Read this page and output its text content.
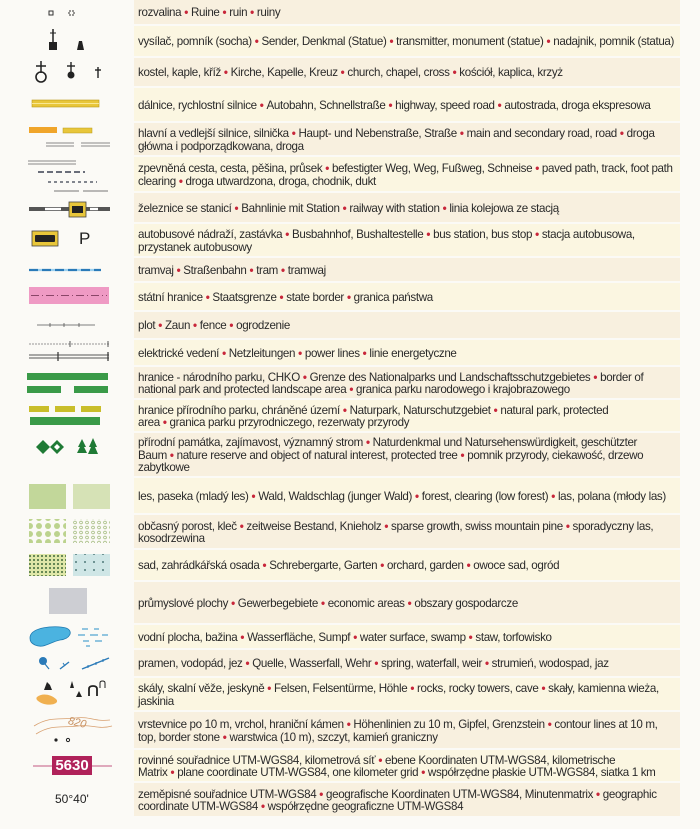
rozvalina • Ruine • ruin • ruiny
vysílač, pomník (socha) • Sender, Denkmal (Statue) • transmitter, monument (statue) • nadajnik, pomnik (statua)
kostel, kaple, kříž • Kirche, Kapelle, Kreuz • church, chapel, cross • kościół, kaplica, krzyż
dálnice, rychlostní silnice • Autobahn, Schnellstraße • highway, speed road • autostrada, droga ekspresowa
hlavní a vedlejší silnice, silnička • Haupt- und Nebenstraße, Straße • main and secondary road, road • droga główna i podporządkowana, droga
zpevněná cesta, cesta, pěšina, průsek • befestigter Weg, Weg, Fußweg, Schneise • paved path, track, foot path clearing • droga utwardzona, droga, chodnik, dukt
železnice se stanicí • Bahnlinie mit Station • railway with station • linia kolejowa ze stacją
P	autobusové nádraží, zastávka • Busbahnhof, Bushaltestelle • bus station, bus stop • stacja autobusowa, przystanek autobusowy
tramvaj • Straßenbahn • tram • tramwaj
státní hranice • Staatsgrenze • state border • granica państwa
plot • Zaun • fence • ogrodzenie
elektrické vedení • Netzleitungen • power lines • linie energetyczne
hranice - národního parku, CHKO • Grenze des Nationalparks und Landschaftsschutzgebietes • border of national park and protected landscape area • granica parku narodowego i krajobrazowego
hranice přírodního parku, chráněné území • Naturpark, Naturschutzgebiet • natural park, protected area • granica parku przyrodniczego, rezerwaty przyrody
přírodní památka, zajímavost, významný strom • Naturdenkmal und Natursehenswürdigkeit, geschützter Baum • nature reserve and object of natural interest, protected tree • pomnik przyrody, ciekawość, drzewo zabytkowe
les, paseka (mladý les) • Wald, Waldschlag (junger Wald) • forest, clearing (low forest) • las, polana (młody las)
občasný porost, kleč • zeitweise Bestand, Knieholz • sparse growth, swiss mountain pine • sporadyczny las, kosodrzewina
sad, zahrádkářská osada • Schrebergarte, Garten • orchard, garden • owoce sad, ogród
průmyslové plochy • Gewerbegebiete • economic areas • obszary gospodarcze
vodní plocha, bažina • Wasserfläche, Sumpf • water surface, swamp • staw, torfowisko
pramen, vodopád, jez • Quelle, Wasserfall, Wehr • spring, waterfall, weir • strumień, wodospad, jaz
skály, skalní věže, jeskyně • Felsen, Felsentürme, Höhle • rocks, rocky towers, cave • skały, kamienna wieża, jaskinia
820	vrstevnice po 10 m, vrchol, hraniční kámen • Höhenlinien zu 10 m, Gipfel, Grenzstein • contour lines at 10 m, top, border stone • warstwica (10 m), szczyt, kamień graniczny
5630	rovinné souřadnice UTM-WGS84, kilometrová síť • ebene Koordinaten UTM-WGS84, kilometrische Matrix • plane coordinate UTM-WGS84, one kilometer grid • współrzędne płaskie UTM-WGS84, siatka 1 km
50°40'	zeměpisné souřadnice UTM-WGS84 • geografische Koordinaten UTM-WGS84, Minutenmatrix • geographic coordinate UTM-WGS84 • współrzędne geograficzne UTM-WGS84
